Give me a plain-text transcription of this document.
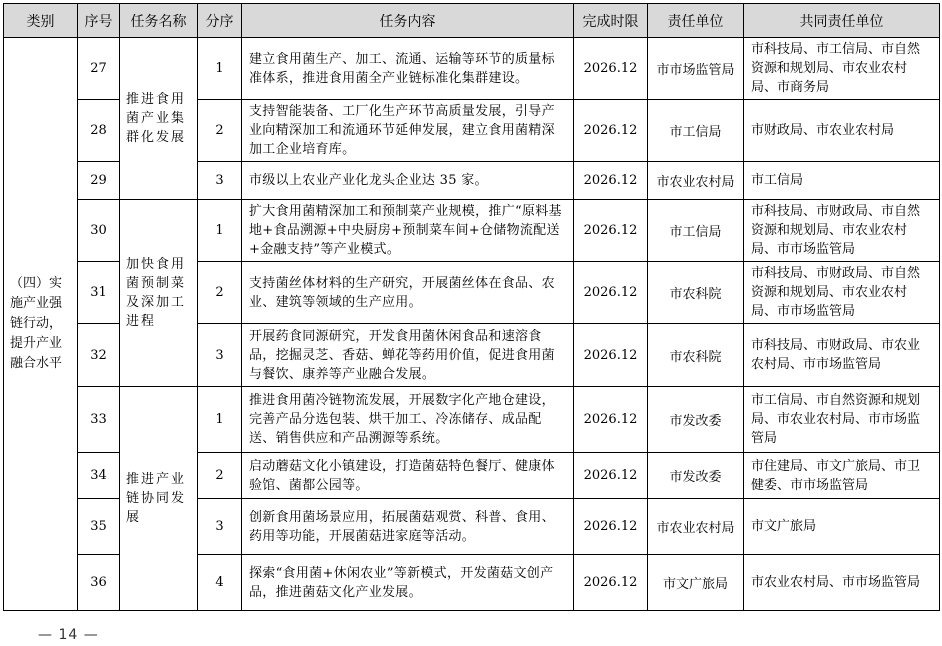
类别	序号	任务名称	分序	任务内容	完成时限	责任单位	共同责任单位
（四）实施产业强链行动，提升产业融合水平	27	推进食用菌产业集群化发展	1	建立食用菌生产、加工、流通、运输等环节的质量标准体系，推进食用菌全产业链标准化集群建设。	2026.12	市市场监管局	市科技局、市工信局、市自然资源和规划局、市农业农村局、市商务局
	28		2	支持智能装备、工厂化生产环节高质量发展，引导产业向精深加工和流通环节延伸发展，建立食用菌精深加工企业培育库。	2026.12	市工信局	市财政局、市农业农村局
	29		3	市级以上农业产业化龙头企业达 35 家。	2026.12	市农业农村局	市工信局
	30	加快食用菌预制菜及深加工进程	1	扩大食用菌精深加工和预制菜产业规模，推广“原料基地+食品溯源+中央厨房+预制菜车间+仓储物流配送+金融支持”等产业模式。	2026.12	市工信局	市科技局、市财政局、市自然资源和规划局、市农业农村局、市市场监管局
	31		2	支持菌丝体材料的生产研究，开展菌丝体在食品、农业、建筑等领域的生产应用。	2026.12	市农科院	市科技局、市财政局、市自然资源和规划局、市农业农村局、市市场监管局
	32		3	开展药食同源研究，开发食用菌休闲食品和速溶食品，挖掘灵芝、香菇、蝉花等药用价值，促进食用菌与餐饮、康养等产业融合发展。	2026.12	市农科院	市科技局、市财政局、市农业农村局、市市场监管局
	33	推进产业链协同发展	1	推进食用菌冷链物流发展，开展数字化产地仓建设，完善产品分选包装、烘干加工、冷冻储存、成品配送、销售供应和产品溯源等系统。	2026.12	市发改委	市工信局、市自然资源和规划局、市农业农村局、市市场监管局
	34		2	启动蘑菇文化小镇建设，打造菌菇特色餐厅、健康体验馆、菌都公园等。	2026.12	市发改委	市住建局、市文广旅局、市卫健委、市市场监管局
	35		3	创新食用菌场景应用，拓展菌菇观赏、科普、食用、药用等功能，开展菌菇进家庭等活动。	2026.12	市农业农村局	市文广旅局
	36		4	探索“食用菌+休闲农业”等新模式，开发菌菇文创产品，推进菌菇文化产业发展。	2026.12	市文广旅局	市农业农村局、市市场监管局
— 14 —
